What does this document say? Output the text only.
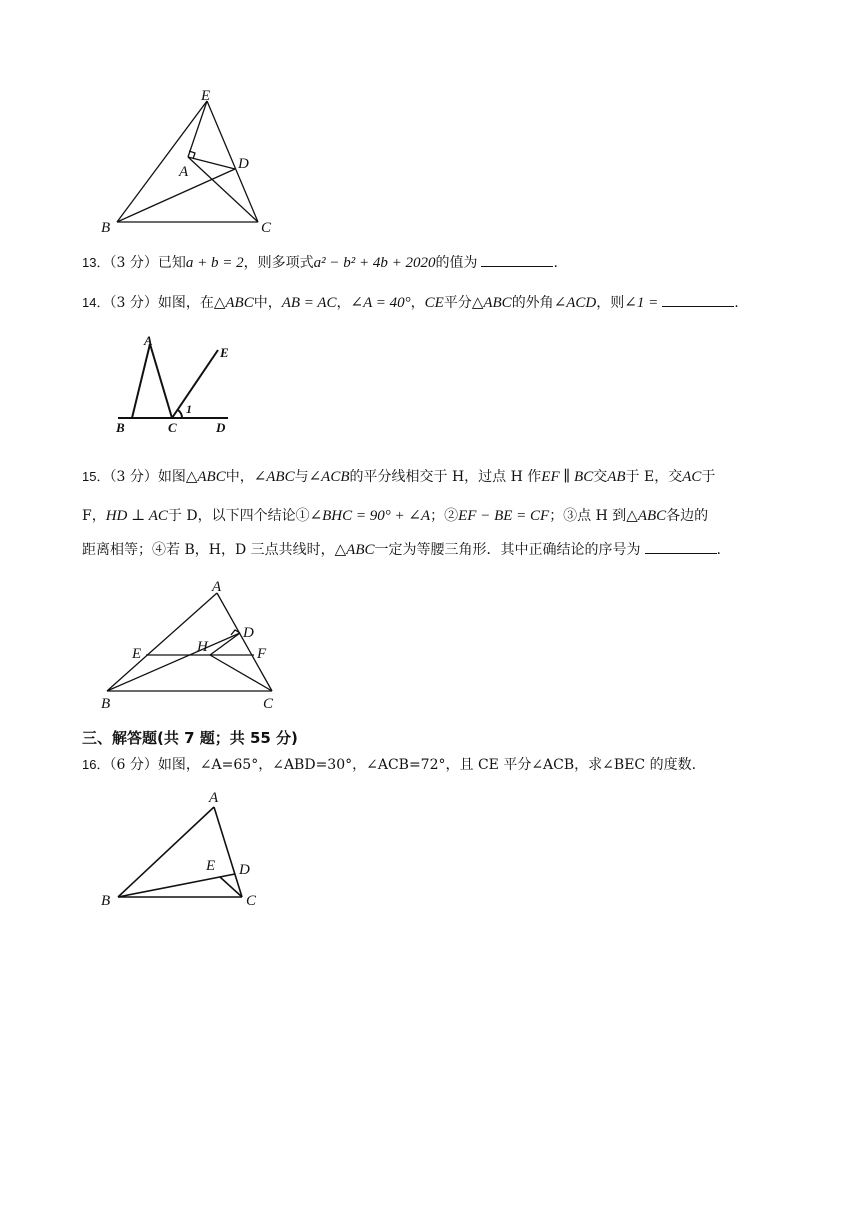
E
A	D
B	C
13．（3 分）已知a + b = 2，则多项式a² − b² + 4b + 2020的值为	.
14．（3 分）如图，在△ABC中，AB = AC，∠A = 40°，CE平分△ABC的外角∠ACD，则∠1 =	.
A
E
1
B	C	D
15．（3 分）如图△ABC中，∠ABC与∠ACB的平分线相交于 H，过点 H 作EF ∥ BC交AB于 E，交AC于
F，HD ⊥ AC于 D，以下四个结论①∠BHC = 90° + ∠A；②EF − BE = CF；③点 H 到△ABC各边的
距离相等；④若 B，H，D 三点共线时，△ABC一定为等腰三角形．其中正确结论的序号为	.
A
D
E	H	F
B	C
三、解答题(共 7 题；共 55 分)
16．（6 分）如图，∠A=65°，∠ABD=30°，∠ACB=72°，且 CE 平分∠ACB，求∠BEC 的度数.
A
E D
B	C
